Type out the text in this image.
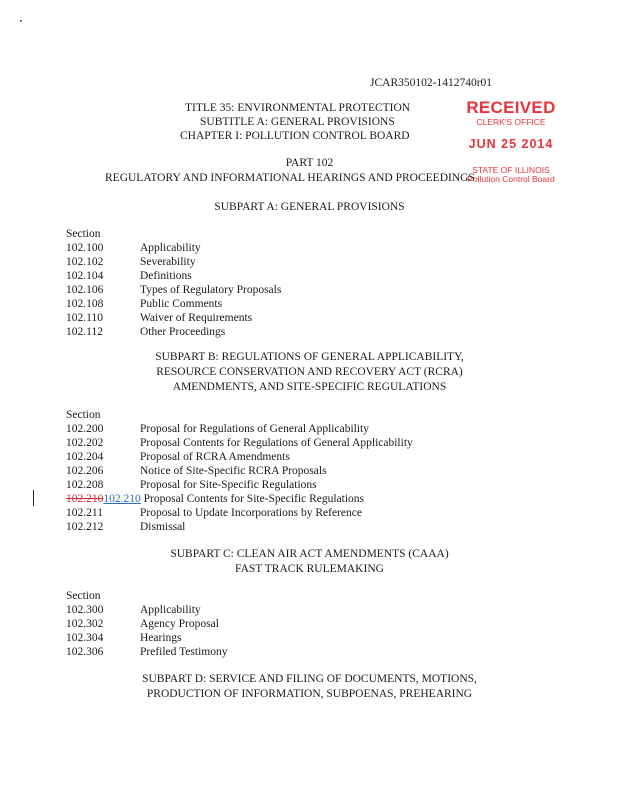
JCAR350102-1412740r01
TITLE 35: ENVIRONMENTAL PROTECTION
SUBTITLE A: GENERAL PROVISIONS
CHAPTER I: POLLUTION CONTROL BOARD
RECEIVED
CLERK'S OFFICE
JUN 25 2014
STATE OF ILLINOIS
Pollution Control Board
PART 102
REGULATORY AND INFORMATIONAL HEARINGS AND PROCEEDINGS
SUBPART A: GENERAL PROVISIONS
Section
102.100	Applicability
102.102	Severability
102.104	Definitions
102.106	Types of Regulatory Proposals
102.108	Public Comments
102.110	Waiver of Requirements
102.112	Other Proceedings
SUBPART B: REGULATIONS OF GENERAL APPLICABILITY,
RESOURCE CONSERVATION AND RECOVERY ACT (RCRA)
AMENDMENTS, AND SITE-SPECIFIC REGULATIONS
Section
102.200	Proposal for Regulations of General Applicability
102.202	Proposal Contents for Regulations of General Applicability
102.204	Proposal of RCRA Amendments
102.206	Notice of Site-Specific RCRA Proposals
102.208	Proposal for Site-Specific Regulations
102.210102.210 Proposal Contents for Site-Specific Regulations
102.211	Proposal to Update Incorporations by Reference
102.212	Dismissal
SUBPART C: CLEAN AIR ACT AMENDMENTS (CAAA)
FAST TRACK RULEMAKING
Section
102.300	Applicability
102.302	Agency Proposal
102.304	Hearings
102.306	Prefiled Testimony
SUBPART D: SERVICE AND FILING OF DOCUMENTS, MOTIONS,
PRODUCTION OF INFORMATION, SUBPOENAS, PREHEARING
